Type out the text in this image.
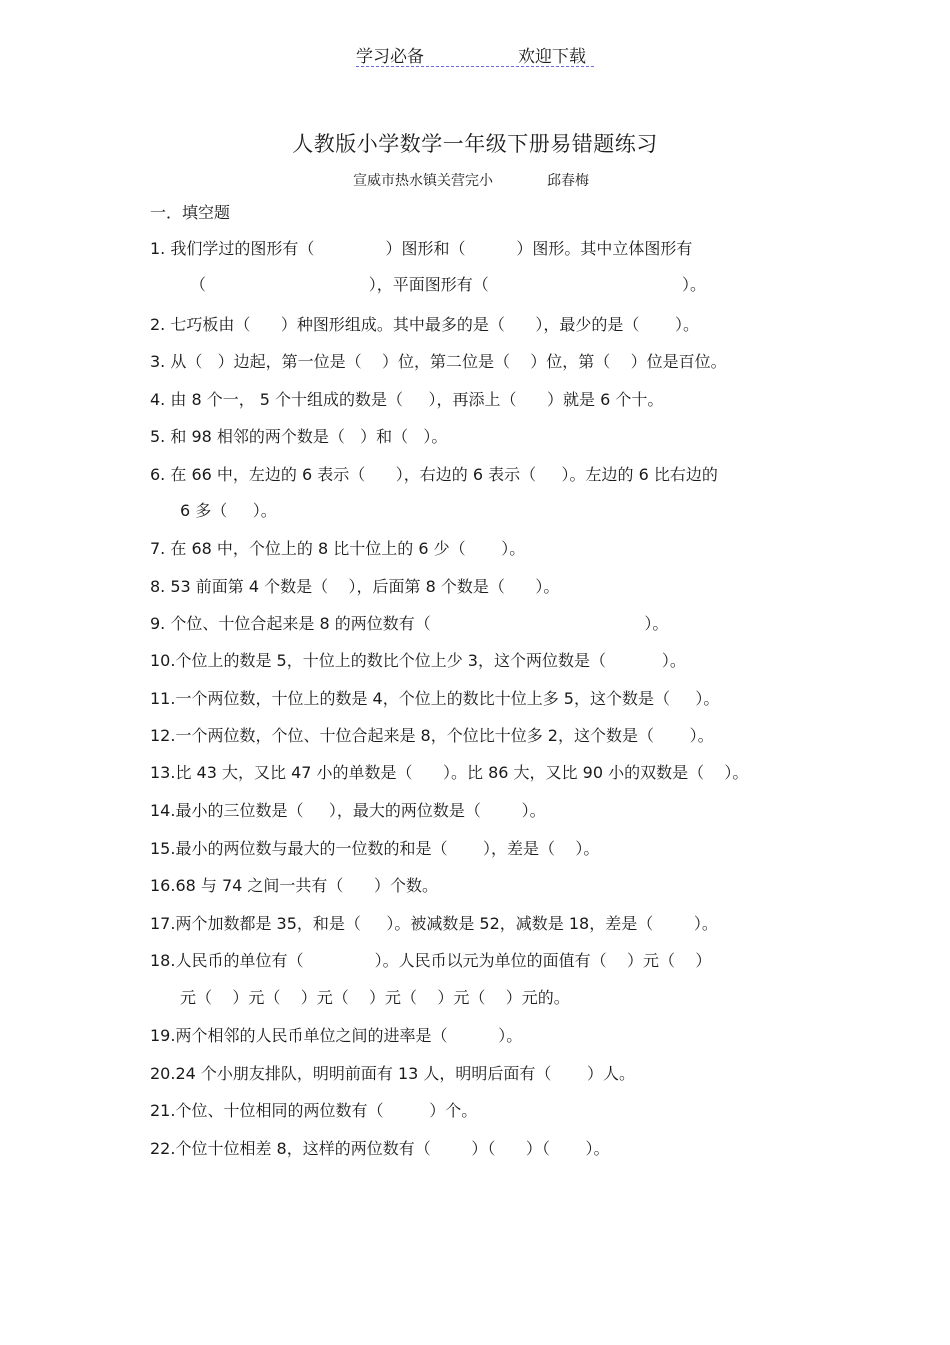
学习必备	欢迎下载
人教版小学数学一年级下册易错题练习
宣威市热水镇关营完小	邱春梅
一．填空题
1. 我们学过的图形有（              ）图形和（          ）图形。其中立体图形有
（                                ），平面图形有（                                      ）。
2. 七巧板由（      ）种图形组成。其中最多的是（      ），最少的是（       ）。
3. 从（   ）边起，第一位是（    ）位，第二位是（    ）位，第（    ）位是百位。
4. 由 8 个一， 5 个十组成的数是（     ），再添上（      ）就是 6 个十。
5. 和 98 相邻的两个数是（   ）和（   ）。
6. 在 66 中，左边的 6 表示（      ），右边的 6 表示（     ）。左边的 6 比右边的
6 多（     ）。
7. 在 68 中，个位上的 8 比十位上的 6 少（       ）。
8. 53 前面第 4 个数是（    ），后面第 8 个数是（      ）。
9. 个位、十位合起来是 8 的两位数有（                                          ）。
10.个位上的数是 5，十位上的数比个位上少 3，这个两位数是（           ）。
11.一个两位数，十位上的数是 4，个位上的数比十位上多 5，这个数是（     ）。
12.一个两位数，个位、十位合起来是 8，个位比十位多 2，这个数是（       ）。
13.比 43 大，又比 47 小的单数是（      ）。比 86 大，又比 90 小的双数是（    ）。
14.最小的三位数是（     ），最大的两位数是（        ）。
15.最小的两位数与最大的一位数的和是（       ），差是（    ）。
16.68 与 74 之间一共有（      ）个数。
17.两个加数都是 35，和是（     ）。被减数是 52，减数是 18，差是（        ）。
18.人民币的单位有（              ）。人民币以元为单位的面值有（    ）元（    ）
元（    ）元（    ）元（    ）元（    ）元（    ）元的。
19.两个相邻的人民币单位之间的进率是（          ）。
20.24 个小朋友排队，明明前面有 13 人，明明后面有（       ）人。
21.个位、十位相同的两位数有（         ）个。
22.个位十位相差 8，这样的两位数有（        ）（      ）（       ）。
